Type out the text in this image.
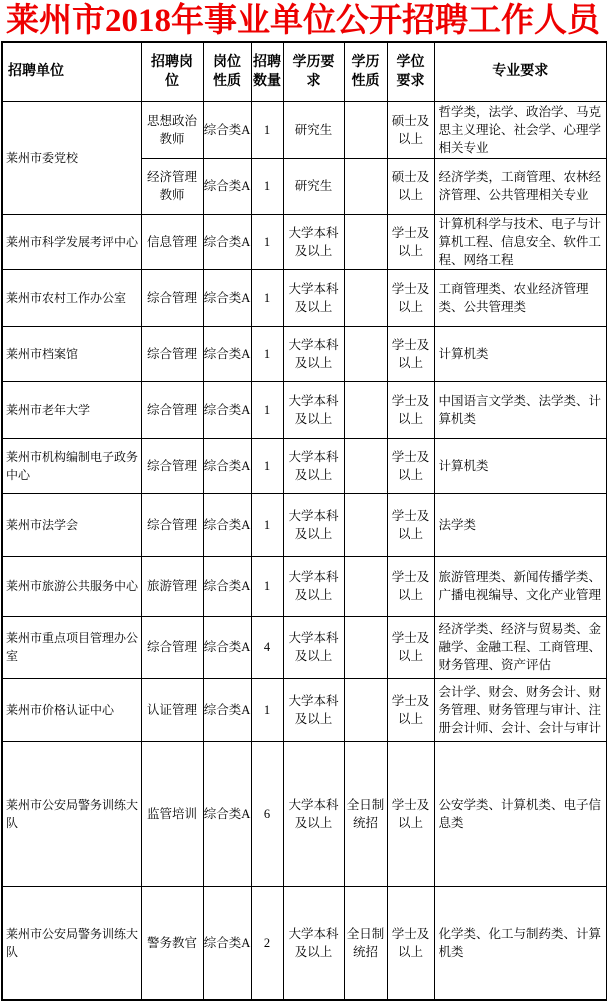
莱州市2018年事业单位公开招聘工作人员
招聘单位	招聘岗位	岗位性质	招聘数量	学历要求	学历性质	学位要求	专业要求
莱州市委党校	思想政治教师	综合类A	1	研究生		硕士及以上	哲学类，法学、政治学、马克思主义理论、社会学、心理学相关专业
	经济管理教师	综合类A	1	研究生		硕士及以上	经济学类，工商管理、农林经济管理、公共管理相关专业
莱州市科学发展考评中心	信息管理	综合类A	1	大学本科及以上		学士及以上	计算机科学与技术、电子与计算机工程、信息安全、软件工程、网络工程
莱州市农村工作办公室	综合管理	综合类A	1	大学本科及以上		学士及以上	工商管理类、农业经济管理类、公共管理类
莱州市档案馆	综合管理	综合类A	1	大学本科及以上		学士及以上	计算机类
莱州市老年大学	综合管理	综合类A	1	大学本科及以上		学士及以上	中国语言文学类、法学类、计算机类
莱州市机构编制电子政务中心	综合管理	综合类A	1	大学本科及以上		学士及以上	计算机类
莱州市法学会	综合管理	综合类A	1	大学本科及以上		学士及以上	法学类
莱州市旅游公共服务中心	旅游管理	综合类A	1	大学本科及以上		学士及以上	旅游管理类、新闻传播学类、广播电视编导、文化产业管理
莱州市重点项目管理办公室	综合管理	综合类A	4	大学本科及以上		学士及以上	经济学类、经济与贸易类、金融学、金融工程、工商管理、财务管理、资产评估
莱州市价格认证中心	认证管理	综合类A	1	大学本科及以上		学士及以上	会计学、财会、财务会计、财务管理、财务管理与审计、注册会计师、会计、会计与审计
莱州市公安局警务训练大队	监管培训	综合类A	6	大学本科及以上	全日制统招	学士及以上	公安学类、计算机类、电子信息类
莱州市公安局警务训练大队	警务教官	综合类A	2	大学本科及以上	全日制统招	学士及以上	化学类、化工与制药类、计算机类
